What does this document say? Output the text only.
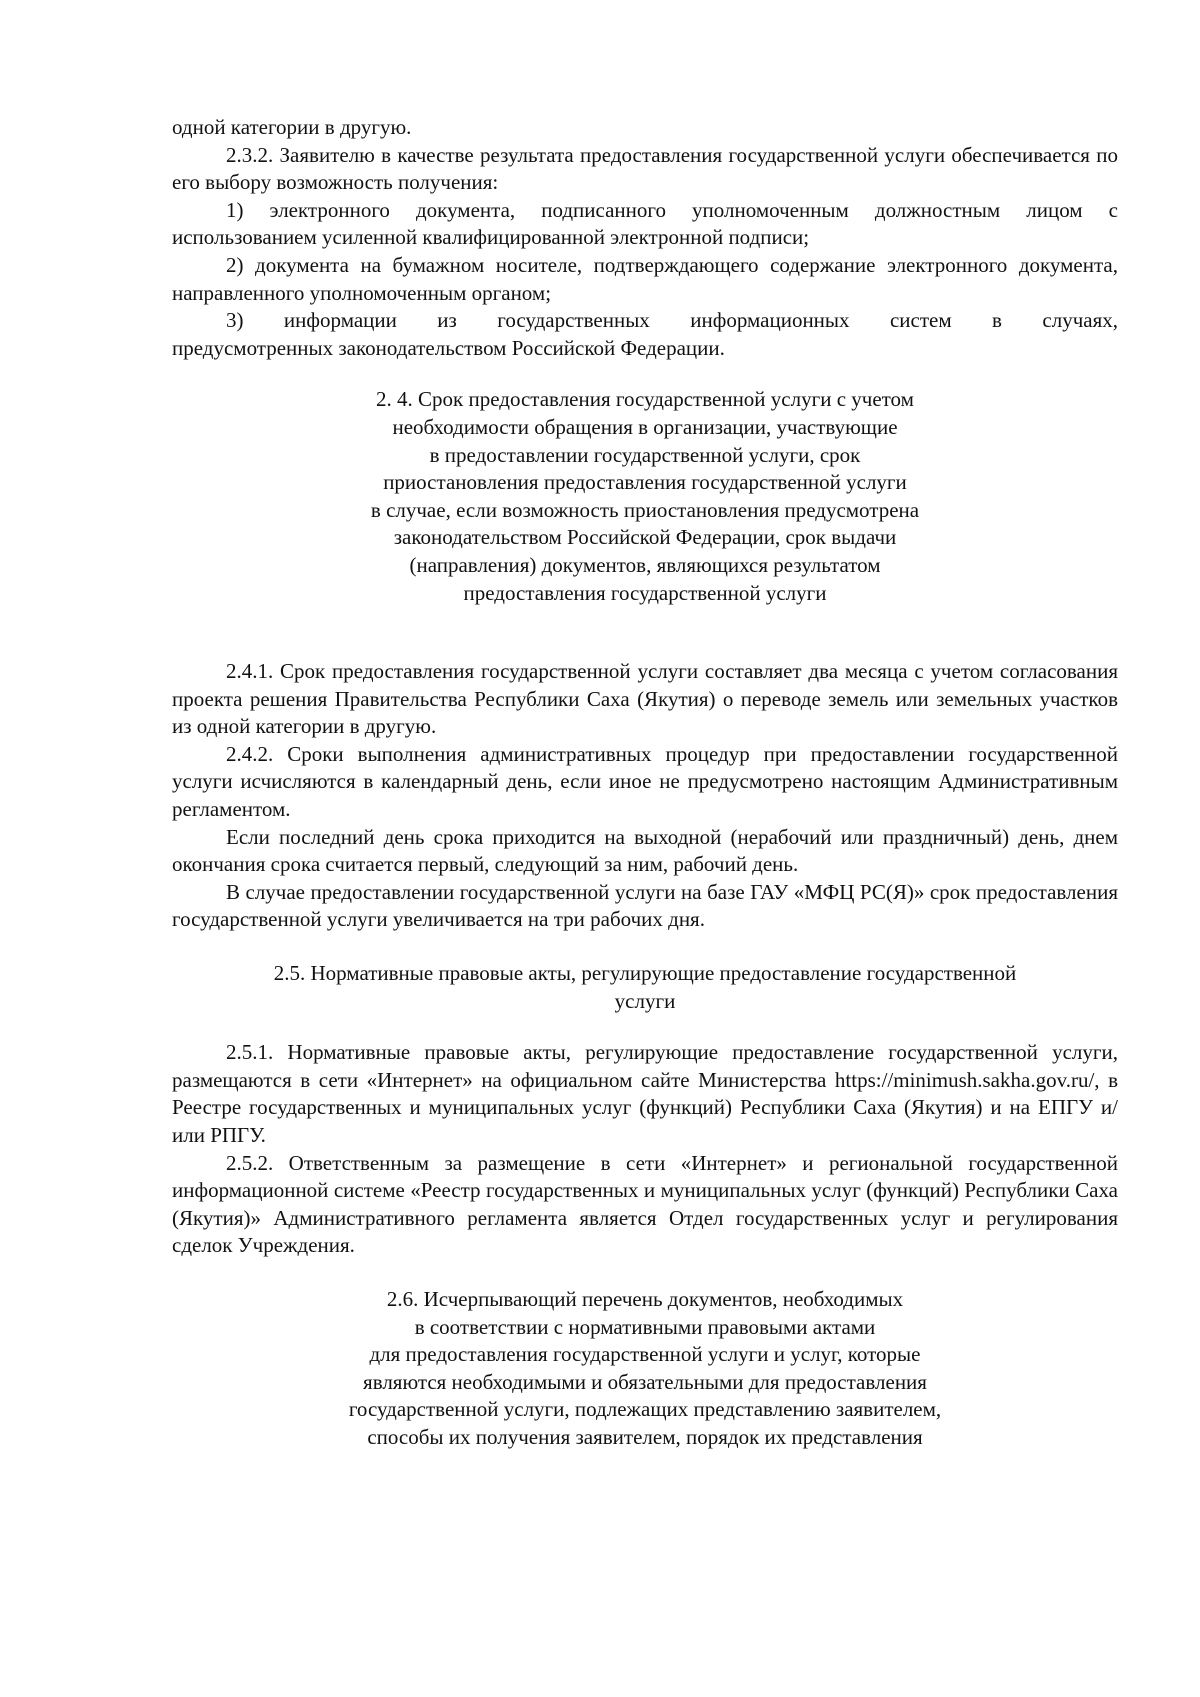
одной категории в другую.

2.3.2. Заявителю в качестве результата предоставления государственной услуги обеспечивается по его выбору возможность получения:

1) электронного документа, подписанного уполномоченным должностным лицом с использованием усиленной квалифицированной электронной подписи;

2) документа на бумажном носителе, подтверждающего содержание электронного документа, направленного уполномоченным органом;

3) информации из государственных информационных систем в случаях,
предусмотренных законодательством Российской Федерации.

2. 4. Срок предоставления государственной услуги с учетом
необходимости обращения в организации, участвующие
в предоставлении государственной услуги, срок
приостановления предоставления государственной услуги
в случае, если возможность приостановления предусмотрена
законодательством Российской Федерации, срок выдачи
(направления) документов, являющихся результатом
предоставления государственной услуги

2.4.1. Срок предоставления государственной услуги составляет два месяца с учетом согласования проекта решения Правительства Республики Саха (Якутия) о переводе земель или земельных участков из одной категории в другую.

2.4.2. Сроки выполнения административных процедур при предоставлении государственной услуги исчисляются в календарный день, если иное не предусмотрено настоящим Административным регламентом.

Если последний день срока приходится на выходной (нерабочий или праздничный) день, днем окончания срока считается первый, следующий за ним, рабочий день.

В случае предоставлении государственной услуги на базе ГАУ «МФЦ РС(Я)» срок предоставления государственной услуги увеличивается на три рабочих дня.

2.5. Нормативные правовые акты, регулирующие предоставление государственной
услуги

2.5.1. Нормативные правовые акты, регулирующие предоставление государственной услуги, размещаются в сети «Интернет» на официальном сайте Министерства https://minimush.sakha.gov.ru/, в Реестре государственных и муниципальных услуг (функций) Республики Саха (Якутия) и на ЕПГУ и/или РПГУ.

2.5.2. Ответственным за размещение в сети «Интернет» и региональной государственной информационной системе «Реестр государственных и муниципальных услуг (функций) Республики Саха (Якутия)» Административного регламента является Отдел государственных услуг и регулирования сделок Учреждения.

2.6. Исчерпывающий перечень документов, необходимых
в соответствии с нормативными правовыми актами
для предоставления государственной услуги и услуг, которые
являются необходимыми и обязательными для предоставления
государственной услуги, подлежащих представлению заявителем,
способы их получения заявителем, порядок их представления
